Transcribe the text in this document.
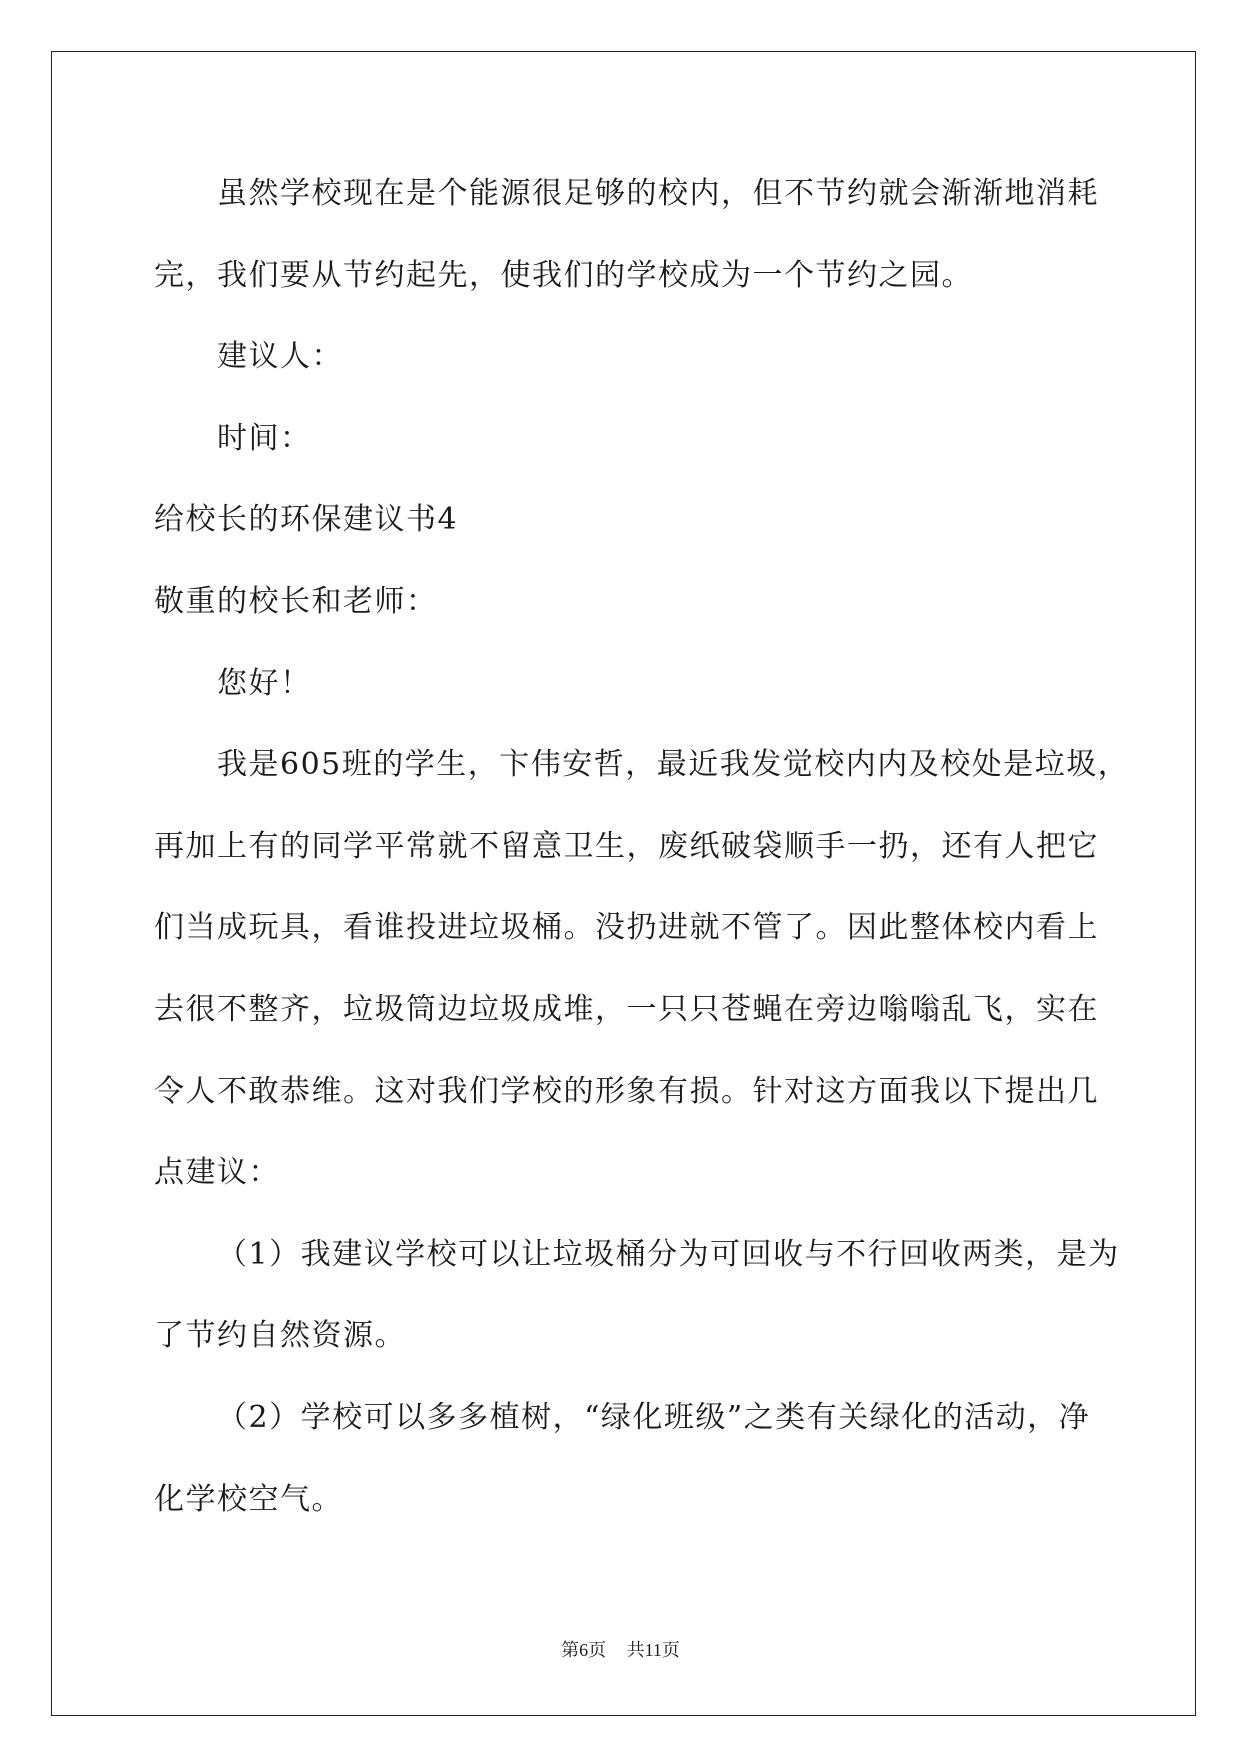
虽然学校现在是个能源很足够的校内，但不节约就会渐渐地消耗
完，我们要从节约起先，使我们的学校成为一个节约之园。
建议人：
时间：
给校长的环保建议书4
敬重的校长和老师：
您好！
我是605班的学生，卞伟安哲，最近我发觉校内内及校处是垃圾，
再加上有的同学平常就不留意卫生，废纸破袋顺手一扔，还有人把它
们当成玩具，看谁投进垃圾桶。没扔进就不管了。因此整体校内看上
去很不整齐，垃圾筒边垃圾成堆，一只只苍蝇在旁边嗡嗡乱飞，实在
令人不敢恭维。这对我们学校的形象有损。针对这方面我以下提出几
点建议：
（1）我建议学校可以让垃圾桶分为可回收与不行回收两类，是为
了节约自然资源。
（2）学校可以多多植树，“绿化班级”之类有关绿化的活动，净
化学校空气。
第6页 共11页
